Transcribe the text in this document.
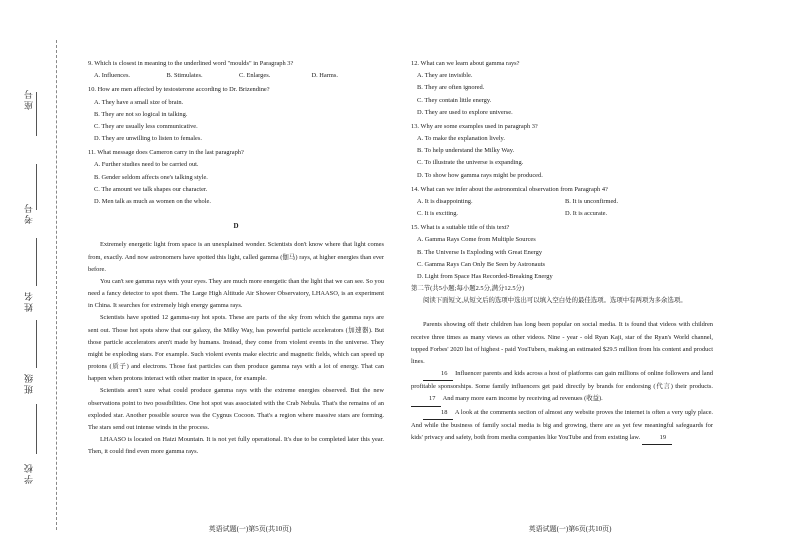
座号
考号
姓名
班级
学校

9. Which is closest in meaning to the underlined word "moulds" in Paragraph 3?

A. Influences.	B. Stimulates.	C. Enlarges.	D. Harms.

10. How are men affected by testosterone according to Dr. Brizendine?

A. They have a small size of brain.

B. They are not so logical in talking.

C. They are usually less communicative.

D. They are unwilling to listen to females.

11. What message does Cameron carry in the last paragraph?

A. Further studies need to be carried out.

B. Gender seldom affects one's talking style.

C. The amount we talk shapes our character.

D. Men talk as much as women on the whole.

D

Extremely energetic light from space is an unexplained wonder. Scientists don't know where that light comes from, exactly. And now astronomers have spotted this light, called gamma (伽马) rays, at higher energies than ever before.

You can't see gamma rays with your eyes. They are much more energetic than the light that we can see. So you need a fancy detector to spot them. The Large High Altitude Air Shower Observatory, LHAASO, is an experiment in China. It searches for extremely high energy gamma rays.

Scientists have spotted 12 gamma-ray hot spots. These are parts of the sky from which the gamma rays are sent out. Those hot spots show that our galaxy, the Milky Way, has powerful particle accelerators (加速器). But those particle accelerators aren't made by humans. Instead, they come from violent events in the universe. They might be exploding stars. For example. Such violent events make electric and magnetic fields, which can speed up protons (质子) and electrons. Those fast particles can then produce gamma rays with a lot of energy. That can happen when protons interact with other matter in space, for example.

Scientists aren't sure what could produce gamma rays with the extreme energies observed. But the new observations point to two possibilities. One hot spot was associated with the Crab Nebula. That's the remains of an exploded star. Another possible source was the Cygnus Cocoon. That's a region where massive stars are forming. The stars send out intense winds in the process.

LHAASO is located on Haizi Mountain. It is not yet fully operational. It's due to be completed later this year. Then, it could find even more gamma rays.

英语试题(一)第5页(共10页)

12. What can we learn about gamma rays?

A. They are invisible.

B. They are often ignored.

C. They contain little energy.

D. They are used to explore universe.

13. Why are some examples used in paragraph 3?

A. To make the explanation lively.

B. To help understand the Milky Way.

C. To illustrate the universe is expanding.

D. To show how gamma rays might be produced.

14. What can we infer about the astronomical observation from Paragraph 4?

A. It is disappointing.	B. It is unconfirmed.
C. It is exciting.	D. It is accurate.

15. What is a suitable title of this text?

A. Gamma Rays Come from Multiple Sources

B. The Universe Is Exploding with Great Energy

C. Gamma Rays Can Only Be Seen by Astronauts

D. Light from Space Has Recorded-Breaking Energy

第二节(共5小题;每小题2.5分,满分12.5分)

阅读下面短文,从短文后的选项中选出可以填入空白处的最佳选项。选项中有两项为多余选项。

Parents showing off their children has long been popular on social media. It is found that videos with children receive three times as many views as other videos. Nine - year - old Ryan Kaji, star of the Ryan's World channel, topped Forbes' 2020 list of highest - paid YouTubers, making an estimated $29.5 million from his content and product lines.

16 Influencer parents and kids across a host of platforms can gain millions of online followers and land profitable sponsorships. Some family influencers get paid directly by brands for endorsing (代言) their products. 17 And many more earn income by receiving ad revenues (收益).

18 A look at the comments section of almost any website proves the internet is often a very ugly place. And while the business of family social media is big and growing, there are as yet few meaningful safeguards for kids' privacy and safety, both from media companies like YouTube and from existing law.	19

英语试题(一)第6页(共10页)
